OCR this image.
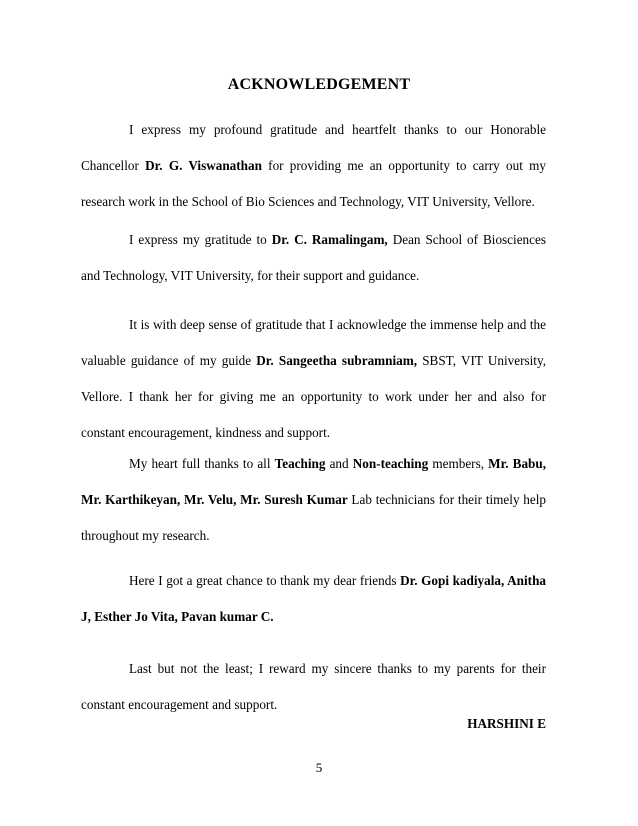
ACKNOWLEDGEMENT

I express my profound gratitude and heartfelt thanks to our Honorable Chancellor Dr. G. Viswanathan for providing me an opportunity to carry out my research work in the School of Bio Sciences and Technology, VIT University, Vellore.

I express my gratitude to Dr. C. Ramalingam, Dean School of Biosciences and Technology, VIT University, for their support and guidance.

It is with deep sense of gratitude that I acknowledge the immense help and the valuable guidance of my guide Dr. Sangeetha subramniam, SBST, VIT University, Vellore. I thank her for giving me an opportunity to work under her and also for constant encouragement, kindness and support.

My heart full thanks to all Teaching and Non-teaching members, Mr. Babu, Mr. Karthikeyan, Mr. Velu, Mr. Suresh Kumar Lab technicians for their timely help throughout my research.

Here I got a great chance to thank my dear friends Dr. Gopi kadiyala, Anitha J, Esther Jo Vita, Pavan kumar C.

Last but not the least; I reward my sincere thanks to my parents for their constant encouragement and support.

HARSHINI E
5
